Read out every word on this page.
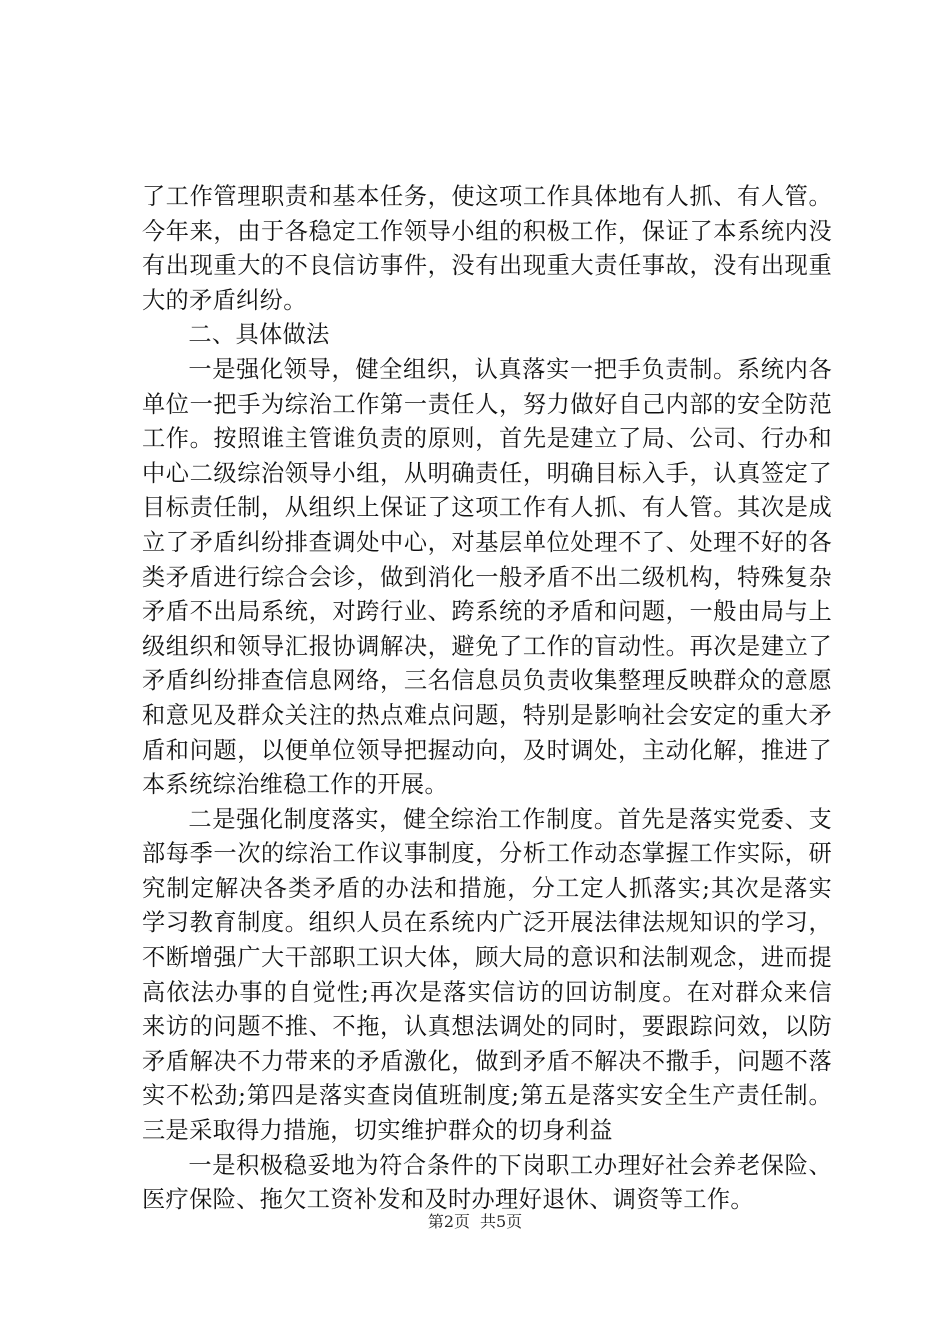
了工作管理职责和基本任务，使这项工作具体地有人抓、有人管。今年来，由于各稳定工作领导小组的积极工作，保证了本系统内没有出现重大的不良信访事件，没有出现重大责任事故，没有出现重大的矛盾纠纷。

二、具体做法

一是强化领导，健全组织，认真落实一把手负责制。系统内各单位一把手为综治工作第一责任人，努力做好自己内部的安全防范工作。按照谁主管谁负责的原则，首先是建立了局、公司、行办和中心二级综治领导小组，从明确责任，明确目标入手，认真签定了目标责任制，从组织上保证了这项工作有人抓、有人管。其次是成立了矛盾纠纷排查调处中心，对基层单位处理不了、处理不好的各类矛盾进行综合会诊，做到消化一般矛盾不出二级机构，特殊复杂矛盾不出局系统，对跨行业、跨系统的矛盾和问题，一般由局与上级组织和领导汇报协调解决，避免了工作的盲动性。再次是建立了矛盾纠纷排查信息网络，三名信息员负责收集整理反映群众的意愿和意见及群众关注的热点难点问题，特别是影响社会安定的重大矛盾和问题，以便单位领导把握动向，及时调处，主动化解，推进了本系统综治维稳工作的开展。

二是强化制度落实，健全综治工作制度。首先是落实党委、支部每季一次的综治工作议事制度，分析工作动态掌握工作实际，研究制定解决各类矛盾的办法和措施，分工定人抓落实;其次是落实学习教育制度。组织人员在系统内广泛开展法律法规知识的学习，不断增强广大干部职工识大体，顾大局的意识和法制观念，进而提高依法办事的自觉性;再次是落实信访的回访制度。在对群众来信来访的问题不推、不拖，认真想法调处的同时，要跟踪问效，以防矛盾解决不力带来的矛盾激化，做到矛盾不解决不撒手，问题不落实不松劲;第四是落实查岗值班制度;第五是落实安全生产责任制。三是采取得力措施，切实维护群众的切身利益

一是积极稳妥地为符合条件的下岗职工办理好社会养老保险、医疗保险、拖欠工资补发和及时办理好退休、调资等工作。

第2页 共5页
